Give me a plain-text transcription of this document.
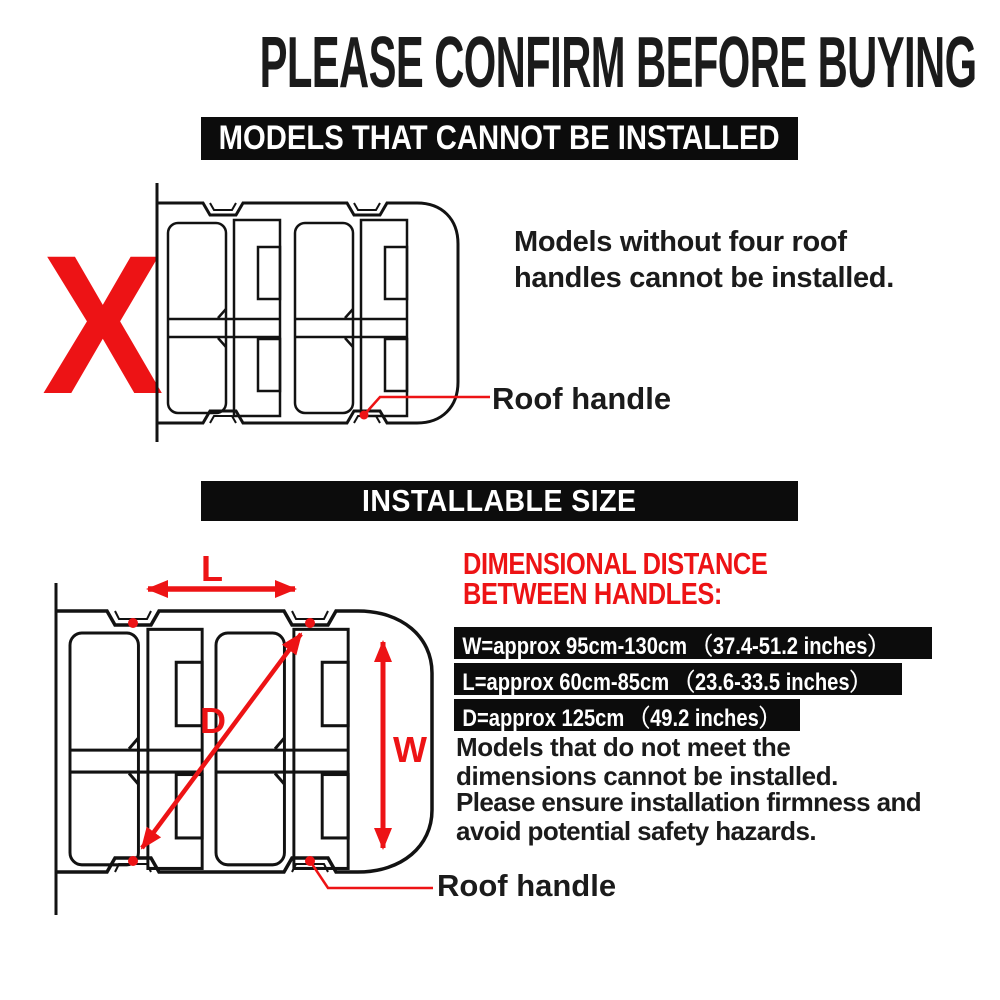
PLEASE CONFIRM BEFORE BUYING
MODELS THAT CANNOT BE INSTALLED
X	Models without four roof handles cannot be installed.
Roof handle
INSTALLABLE SIZE
L
D
W
DIMENSIONAL DISTANCE
BETWEEN HANDLES:
W=approx 95cm-130cm （37.4-51.2 inches）
L=approx 60cm-85cm （23.6-33.5 inches）
D=approx 125cm （49.2 inches）
Models that do not meet the dimensions cannot be installed.
Please ensure installation firmness and avoid potential safety hazards.
Roof handle
